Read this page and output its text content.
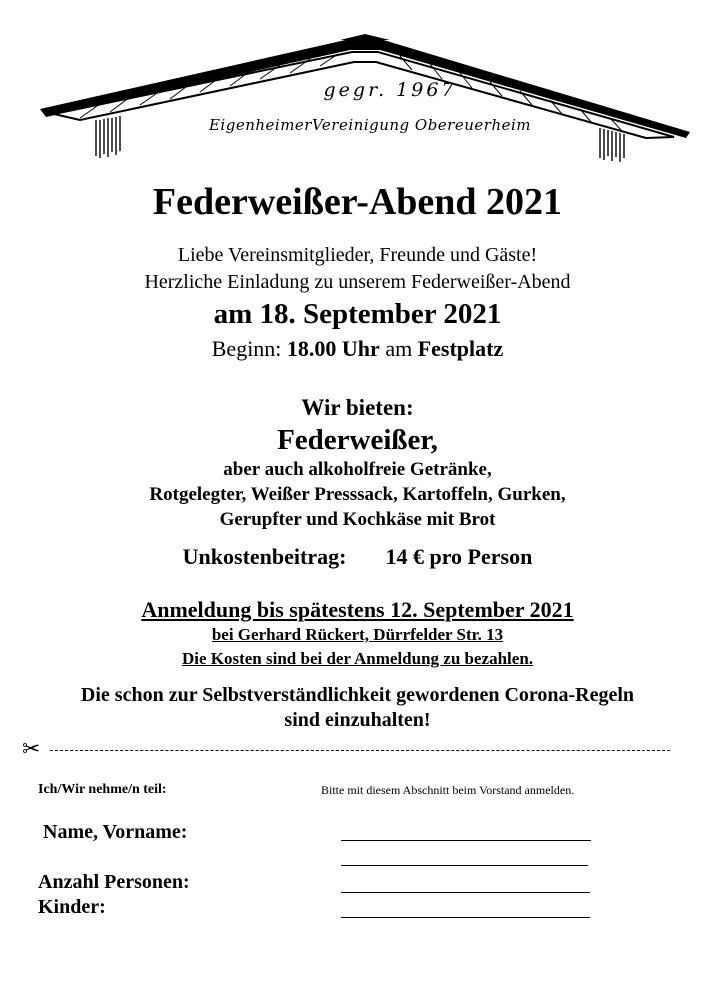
gegr. 1967
EigenheimerVereinigung Obereuerheim
Federweißer-Abend 2021
Liebe Vereinsmitglieder, Freunde und Gäste!
Herzliche Einladung zu unserem Federweißer-Abend
am 18. September 2021
Beginn: 18.00 Uhr am Festplatz
Wir bieten:
Federweißer,
aber auch alkoholfreie Getränke,
Rotgelegter, Weißer Presssack, Kartoffeln, Gurken,
Gerupfter und Kochkäse mit Brot
Unkostenbeitrag: 14 € pro Person
Anmeldung bis spätestens 12. September 2021
bei Gerhard Rückert, Dürrfelder Str. 13
Die Kosten sind bei der Anmeldung zu bezahlen.
Die schon zur Selbstverständlichkeit gewordenen Corona-Regeln
sind einzuhalten!
✂
Ich/Wir nehme/n teil:	Bitte mit diesem Abschnitt beim Vorstand anmelden.
Name, Vorname:
Anzahl Personen:
Kinder:
